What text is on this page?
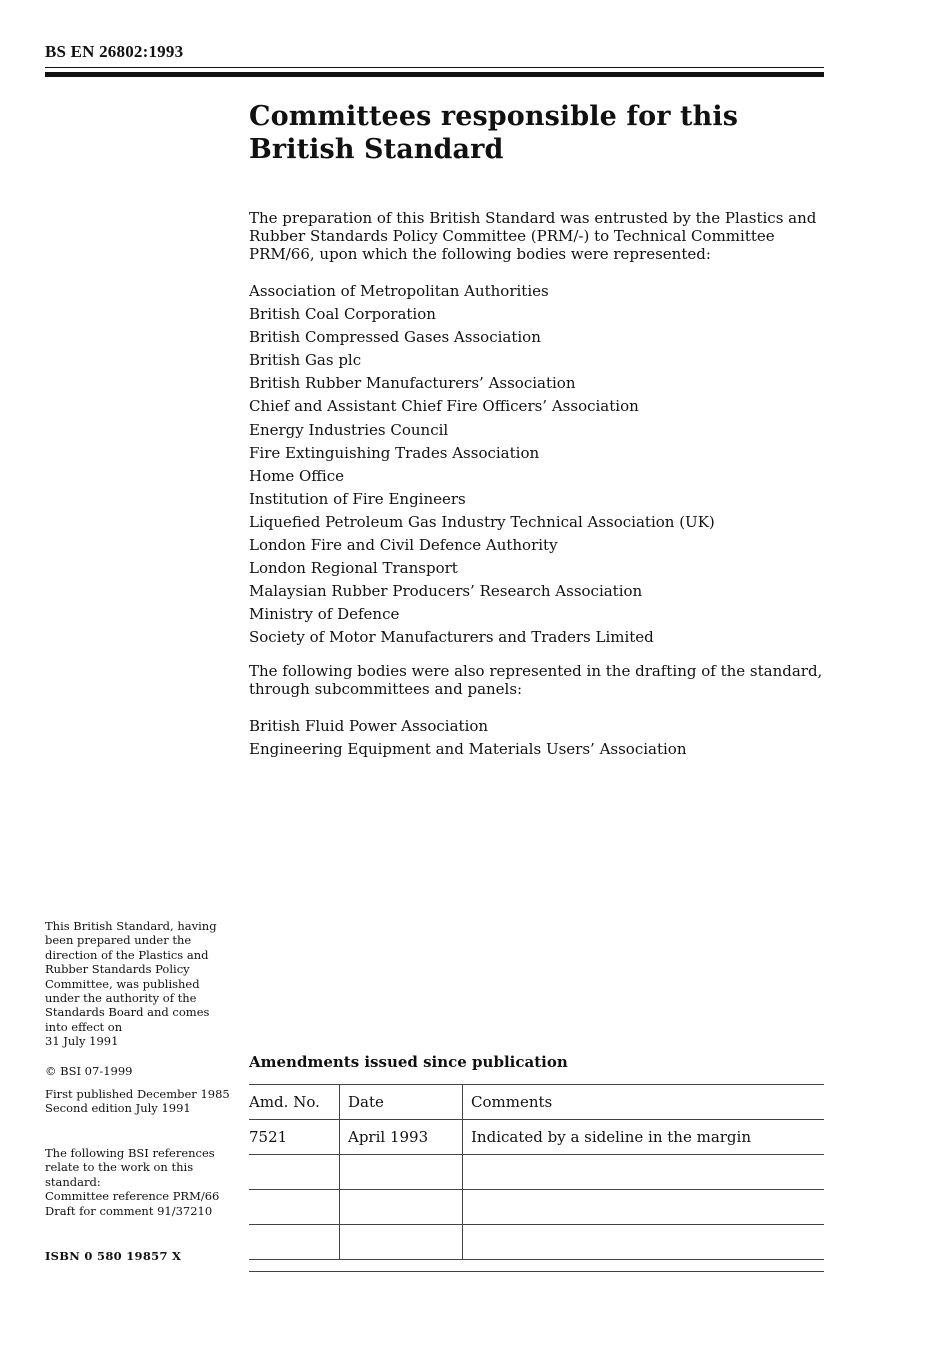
BS EN 26802:1993
Committees responsible for this
British Standard

The preparation of this British Standard was entrusted by the Plastics and Rubber Standards Policy Committee (PRM/-) to Technical Committee PRM/66, upon which the following bodies were represented:

Association of Metropolitan Authorities
British Coal Corporation
British Compressed Gases Association
British Gas plc
British Rubber Manufacturers’ Association
Chief and Assistant Chief Fire Officers’ Association
Energy Industries Council
Fire Extinguishing Trades Association
Home Office
Institution of Fire Engineers
Liquefied Petroleum Gas Industry Technical Association (UK)
London Fire and Civil Defence Authority
London Regional Transport
Malaysian Rubber Producers’ Research Association
Ministry of Defence
Society of Motor Manufacturers and Traders Limited

The following bodies were also represented in the drafting of the standard, through subcommittees and panels:

British Fluid Power Association
Engineering Equipment and Materials Users’ Association
This British Standard, having
been prepared under the
direction of the Plastics and
Rubber Standards Policy
Committee, was published
under the authority of the
Standards Board and comes
into effect on
31 July 1991
© BSI 07-1999
First published December 1985
Second edition July 1991
The following BSI references
relate to the work on this
standard:
Committee reference PRM/66
Draft for comment 91/37210
ISBN 0 580 19857 X
Amendments issued since publication
Amd. No.	Date	Comments
7521	April 1993	Indicated by a sideline in the margin
